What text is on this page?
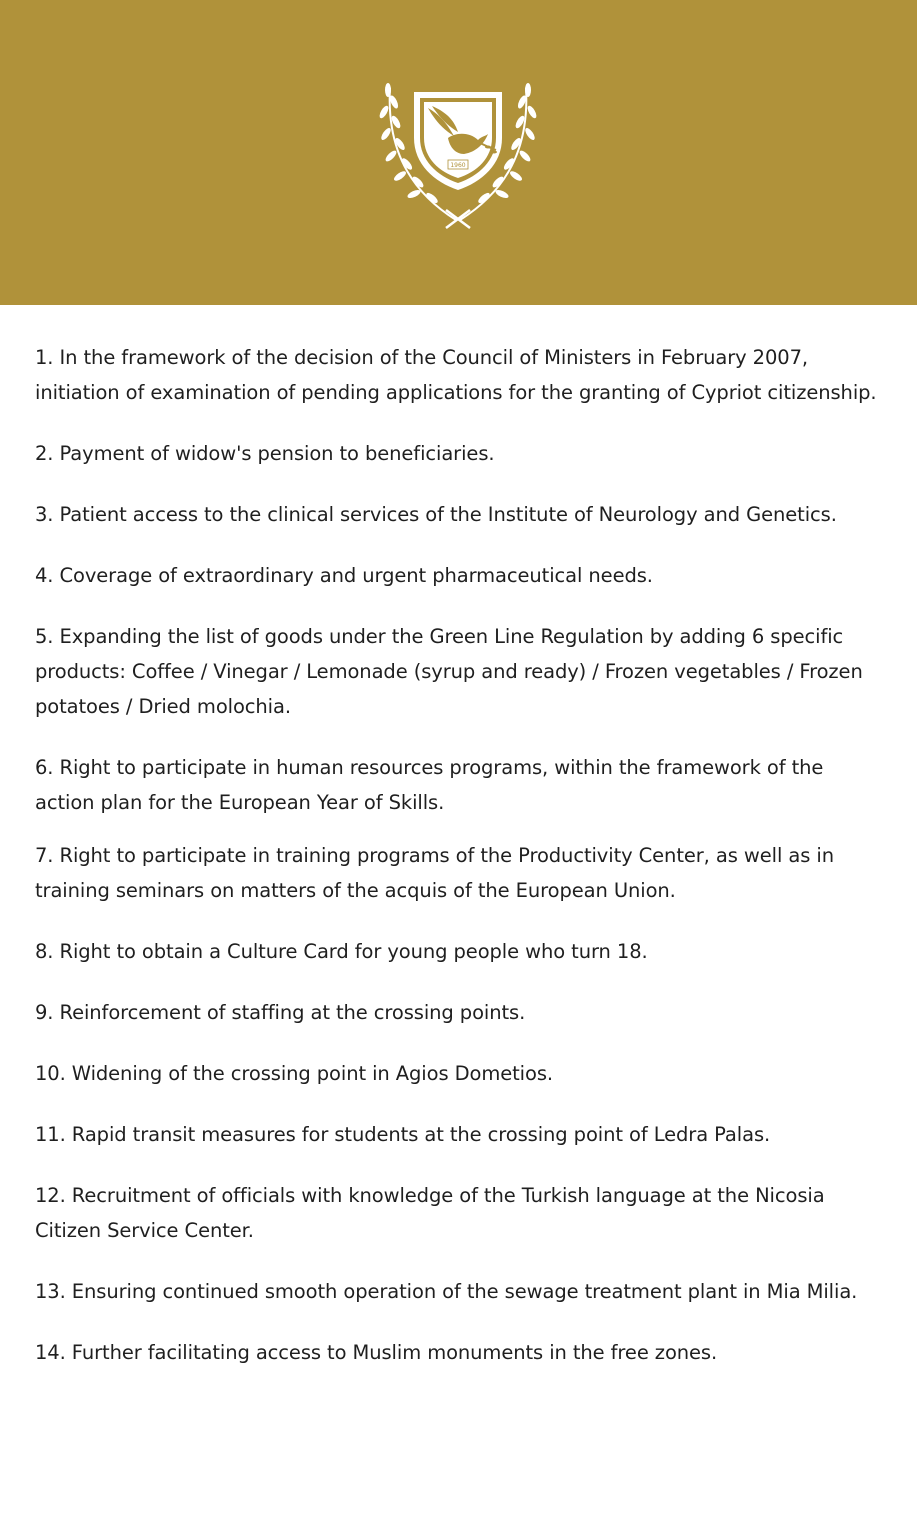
1960

1. In the framework of the decision of the Council of Ministers in February 2007, initiation of examination of pending applications for the granting of Cypriot citizenship.

2. Payment of widow's pension to beneficiaries.

3. Patient access to the clinical services of the Institute of Neurology and Genetics.

4. Coverage of extraordinary and urgent pharmaceutical needs.

5. Expanding the list of goods under the Green Line Regulation by adding 6 specific products: Coffee / Vinegar / Lemonade (syrup and ready) / Frozen vegetables / Frozen potatoes / Dried molochia.

6. Right to participate in human resources programs, within the framework of the action plan for the European Year of Skills.

7. Right to participate in training programs of the Productivity Center, as well as in training seminars on matters of the acquis of the European Union.

8. Right to obtain a Culture Card for young people who turn 18.

9. Reinforcement of staffing at the crossing points.

10. Widening of the crossing point in Agios Dometios.

11. Rapid transit measures for students at the crossing point of Ledra Palas.

12. Recruitment of officials with knowledge of the Turkish language at the Nicosia Citizen Service Center.

13. Ensuring continued smooth operation of the sewage treatment plant in Mia Milia.

14. Further facilitating access to Muslim monuments in the free zones.
